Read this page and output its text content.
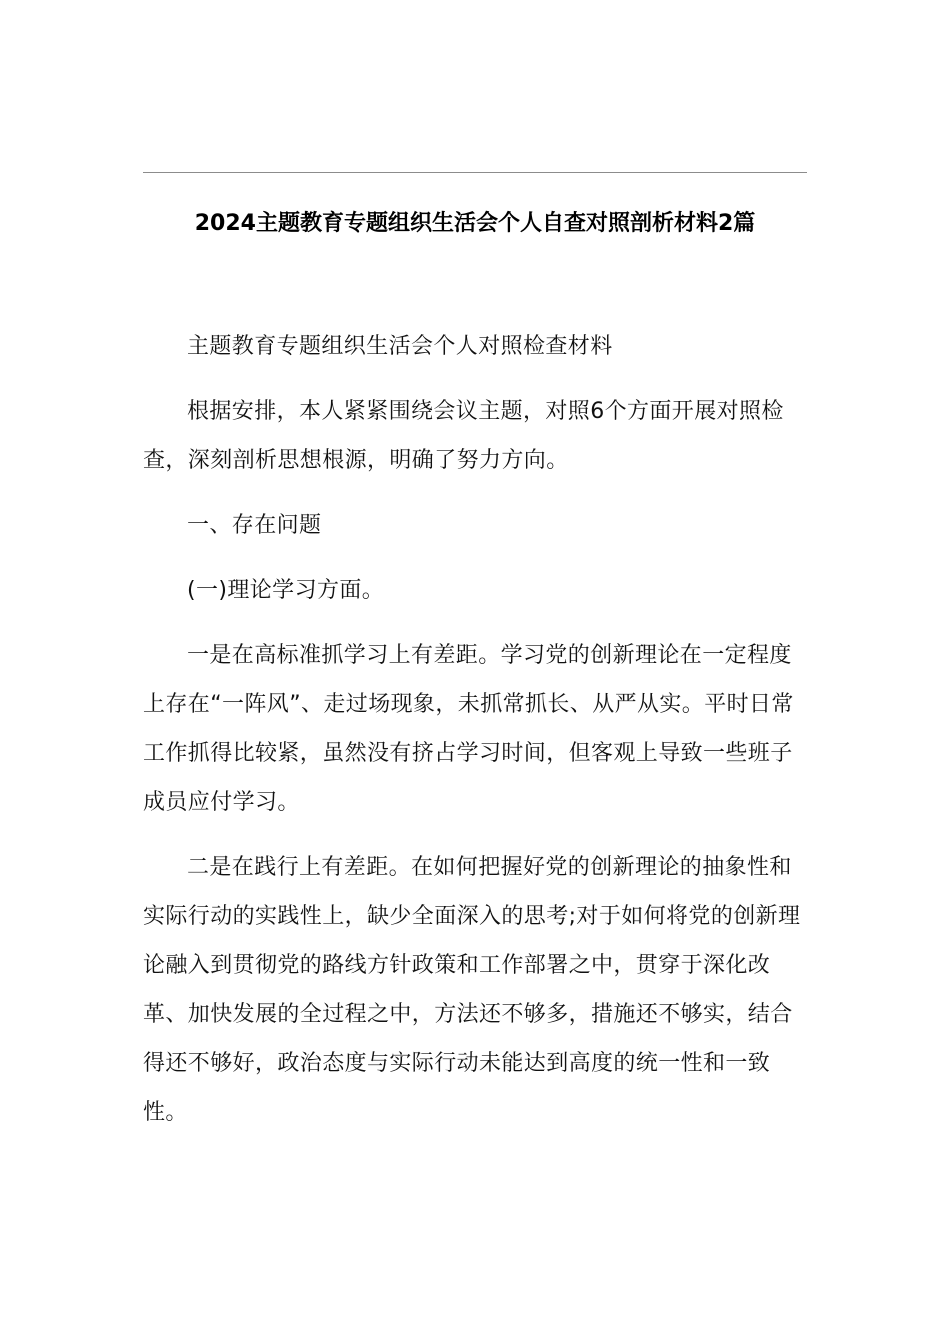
2024主题教育专题组织生活会个人自查对照剖析材料2篇

主题教育专题组织生活会个人对照检查材料

根据安排，本人紧紧围绕会议主题，对照6个方面开展对照检查，深刻剖析思想根源，明确了努力方向。

一、存在问题

(一)理论学习方面。

一是在高标准抓学习上有差距。学习党的创新理论在一定程度上存在“一阵风”、走过场现象，未抓常抓长、从严从实。平时日常工作抓得比较紧，虽然没有挤占学习时间，但客观上导致一些班子成员应付学习。

二是在践行上有差距。在如何把握好党的创新理论的抽象性和实际行动的实践性上，缺少全面深入的思考;对于如何将党的创新理论融入到贯彻党的路线方针政策和工作部署之中，贯穿于深化改革、加快发展的全过程之中，方法还不够多，措施还不够实，结合得还不够好，政治态度与实际行动未能达到高度的统一性和一致性。
